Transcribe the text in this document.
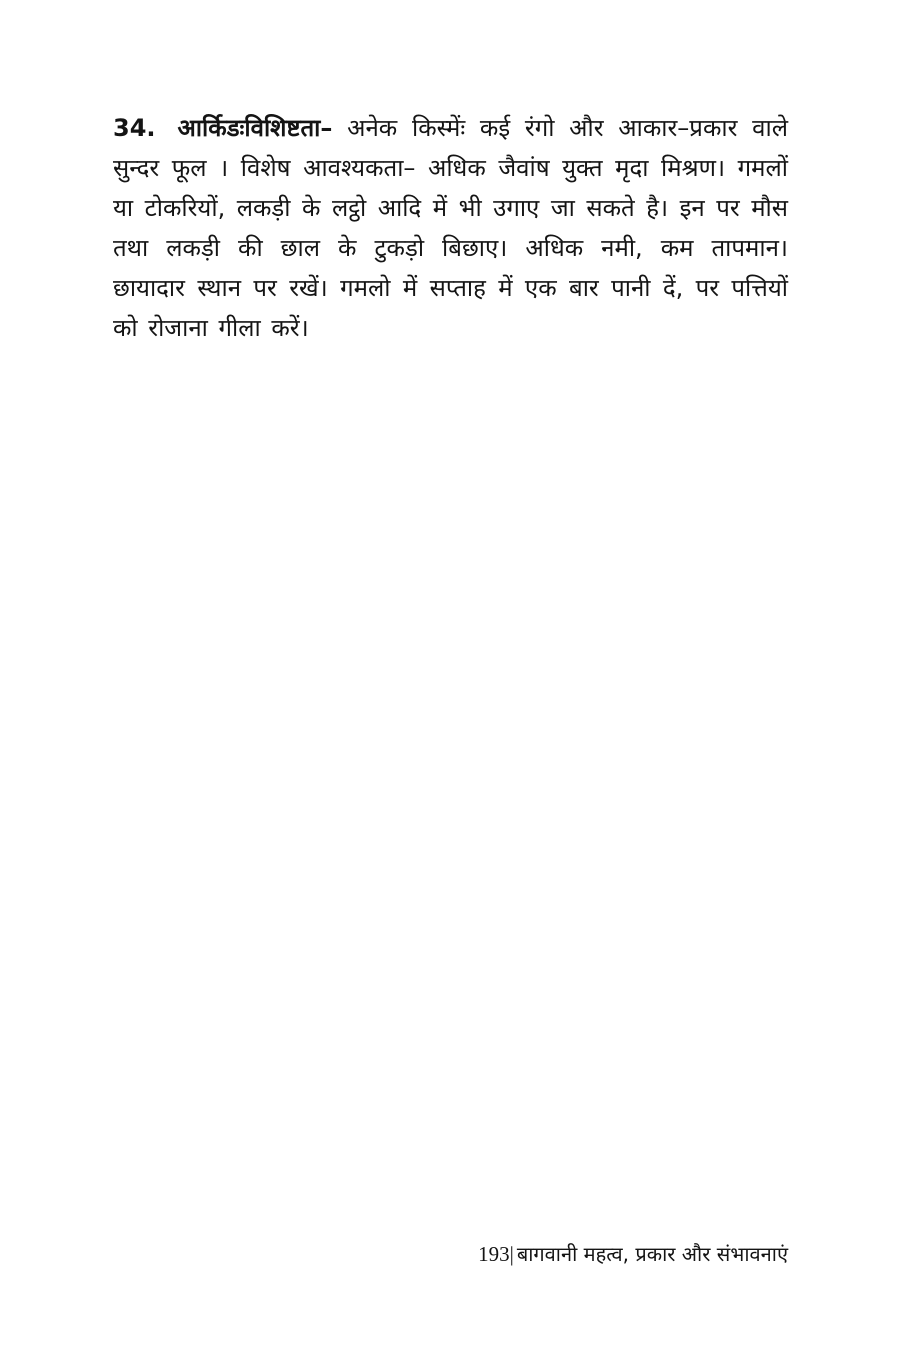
34. आर्किडःविशिष्टता– अनेक किस्मेंः कई रंगो और आकार–प्रकार वाले सुन्दर फूल । विशेष आवश्यकता– अधिक जैवांष युक्त मृदा मिश्रण। गमलों या टोकरियों, लकड़ी के लट्ठो आदि में भी उगाए जा सकते है। इन पर मौस तथा लकड़ी की छाल के टुकड़ो बिछाए। अधिक नमी, कम तापमान। छायादार स्थान पर रखें। गमलो में सप्ताह में एक बार पानी दें, पर पत्तियों को रोजाना गीला करें।

193| बागवानी महत्व, प्रकार और संभावनाएं
